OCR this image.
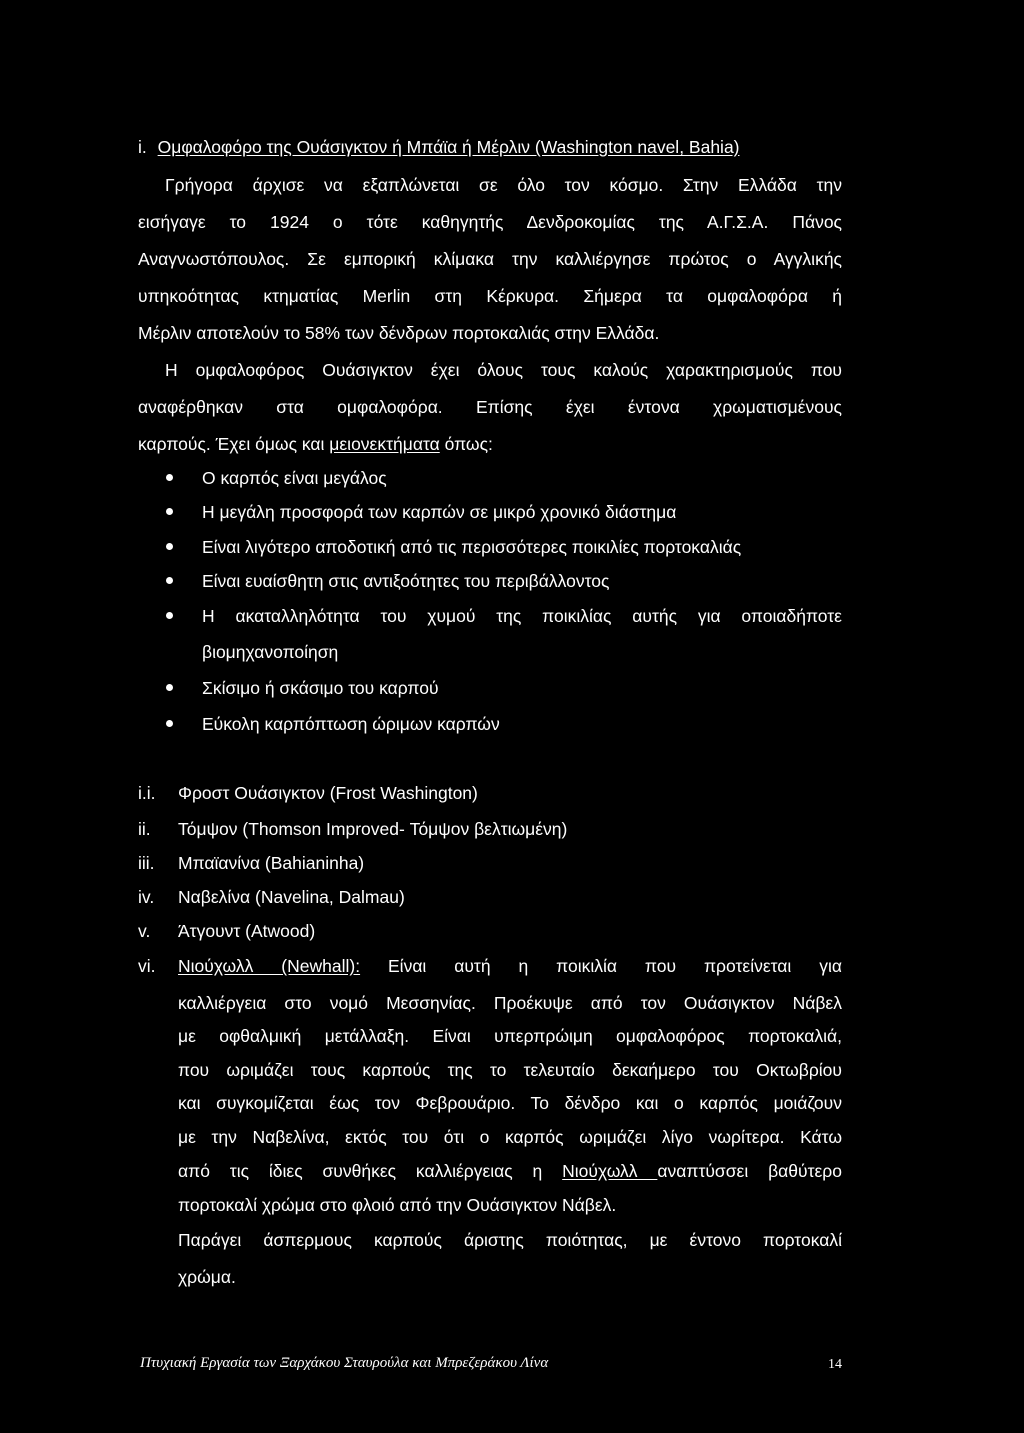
i. Ομφαλοφόρο της Ουάσιγκτον ή Μπάϊα ή Μέρλιν (Washington navel, Bahia)
Γρήγορα άρχισε να εξαπλώνεται σε όλο τον κόσμο. Στην Ελλάδα την
εισήγαγε το 1924 ο τότε καθηγητής Δενδροκομίας της Α.Γ.Σ.Α. Πάνος
Αναγνωστόπουλος. Σε εμπορική κλίμακα την καλλιέργησε πρώτος ο Αγγλικής
υπηκοότητας κτηματίας Merlin στη Κέρκυρα. Σήμερα τα ομφαλοφόρα ή
Μέρλιν αποτελούν το 58% των δένδρων πορτοκαλιάς στην Ελλάδα.
Η ομφαλοφόρος Ουάσιγκτον έχει όλους τους καλούς χαρακτηρισμούς που
αναφέρθηκαν στα ομφαλοφόρα. Επίσης έχει έντονα χρωματισμένους
καρπούς. Έχει όμως και μειονεκτήματα όπως:
Ο καρπός είναι μεγάλος
Η μεγάλη προσφορά των καρπών σε μικρό χρονικό διάστημα
Είναι λιγότερο αποδοτική από τις περισσότερες ποικιλίες πορτοκαλιάς
Είναι ευαίσθητη στις αντιξοότητες του περιβάλλοντος
Η ακαταλληλότητα του χυμού της ποικιλίας αυτής για οποιαδήποτε
βιομηχανοποίηση
Σκίσιμο ή σκάσιμο του καρπού
Εύκολη καρπόπτωση ώριμων καρπών
i.i. Φροστ Ουάσιγκτον (Frost Washington)
ii. Τόμψον (Thomson Improved- Τόμψον βελτιωμένη)
iii. Μπαϊανίνα (Bahianinha)
iv. Ναβελίνα (Navelina, Dalmau)
v. Άτγουντ (Atwood)
vi. Νιούχωλλ (Newhall): Είναι αυτή η ποικιλία που προτείνεται για
καλλιέργεια στο νομό Μεσσηνίας. Προέκυψε από τον Ουάσιγκτον Νάβελ
με οφθαλμική μετάλλαξη. Είναι υπερπρώιμη ομφαλοφόρος πορτοκαλιά,
που ωριμάζει τους καρπούς της το τελευταίο δεκαήμερο του Οκτωβρίου
και συγκομίζεται έως τον Φεβρουάριο. Το δένδρο και ο καρπός μοιάζουν
με την Ναβελίνα, εκτός του ότι ο καρπός ωριμάζει λίγο νωρίτερα. Κάτω
από τις ίδιες συνθήκες καλλιέργειας η Νιούχωλλ αναπτύσσει βαθύτερο
πορτοκαλί χρώμα στο φλοιό από την Ουάσιγκτον Νάβελ.
Παράγει άσπερμους καρπούς άριστης ποιότητας, με έντονο πορτοκαλί
χρώμα.
Πτυχιακή Εργασία των Ξαρχάκου Σταυρούλα και Μπρεζεράκου Λίνα	14
